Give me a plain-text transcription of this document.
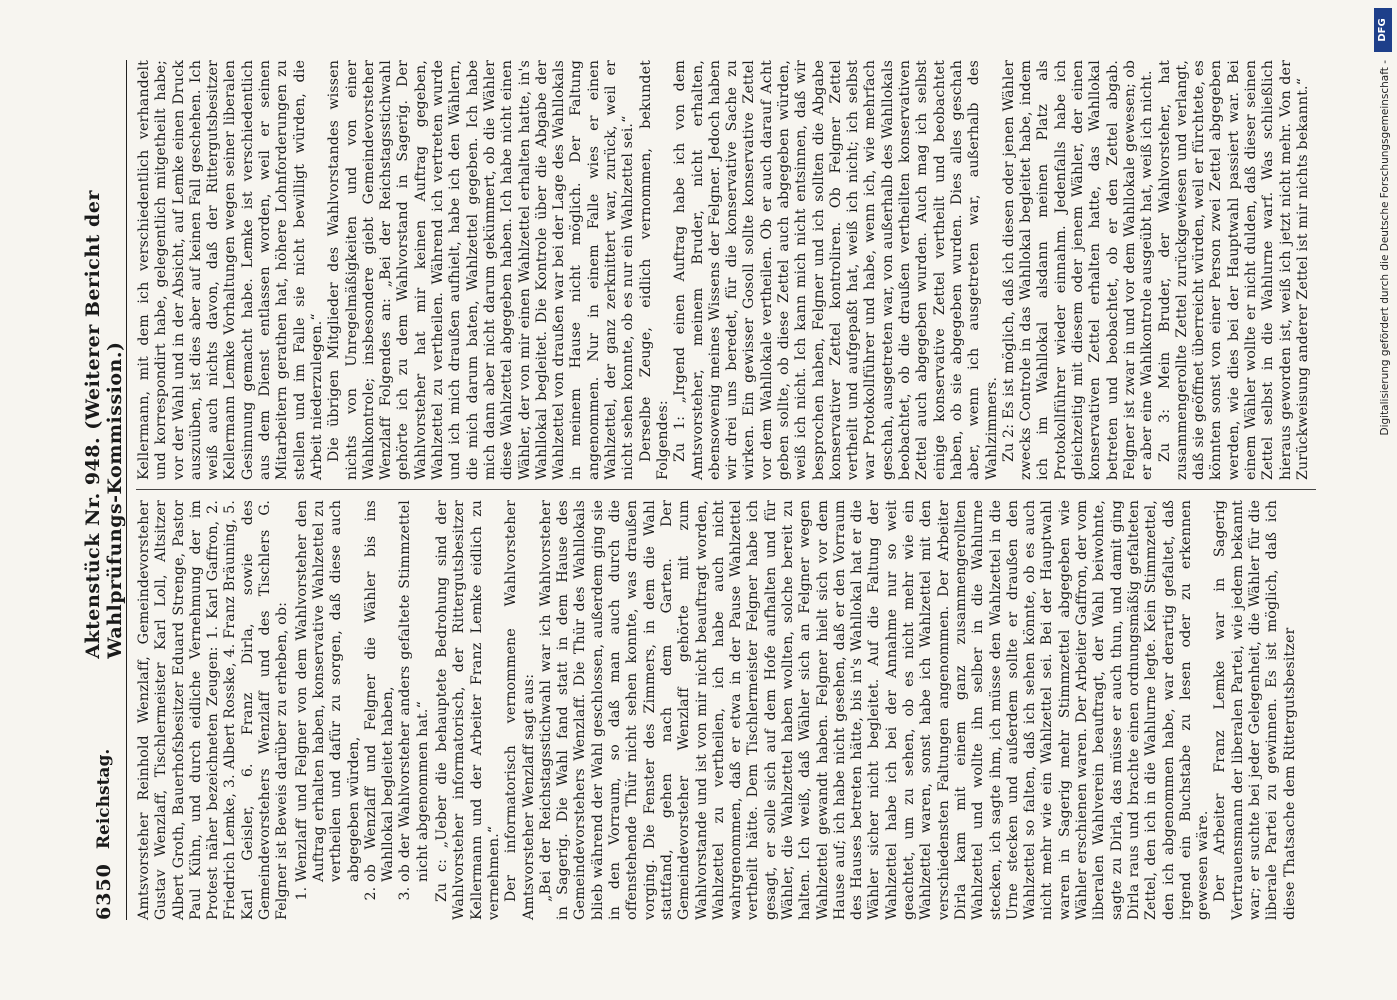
6350
Reichstag.
Aktenstück Nr. 948. (Weiterer Bericht der Wahlprüfungs-Kommission.) Amtsvorsteher Reinhold Wenzlaff, Gemeindevorsteher Gustav Wenzlaff, Tischlermeister Karl Loll, Altsitzer Albert Groth, Bauerhofsbesitzer Eduard Strenge, Pastor Paul Kühn, und durch eidliche Vernehmung der im Protest näher bezeichneten Zeugen: 1. Karl Gaffron, 2. Friedrich Lemke, 3. Albert Rosske, 4. Franz Bräuning, 5. Karl Geisler, 6. Franz Dirla, sowie des Gemeindevorstehers Wenzlaff und des Tischlers G. Felgner ist Beweis darüber zu erheben, ob: 1. Wenzlaff und Felgner von dem Wahlvorsteher den Auftrag erhalten haben, konservative Wahlzettel zu vertheilen und dafür zu sorgen, daß diese auch abgegeben würden, 2. ob Wenzlaff und Felgner die Wähler bis ins Wahllokal begleitet haben, 3. ob der Wahlvorsteher anders gefaltete Stimmzettel nicht abgenommen hat.“ Zu c: „Ueber die behauptete Bedrohung sind der Wahlvorsteher informatorisch, der Rittergutsbesitzer Kellermann und der Arbeiter Franz Lemke eidlich zu vernehmen.“ Der informatorisch vernommene Wahlvorsteher Amtsvorsteher Wenzlaff sagt aus: „Bei der Reichstagsstichwahl war ich Wahlvorsteher in Sagerig. Die Wahl fand statt in dem Hause des Gemeindevorstehers Wenzlaff. Die Thür des Wahllokals blieb während der Wahl geschlossen, außerdem ging sie in den Vorraum, so daß man auch durch die offenstehende Thür nicht sehen konnte, was draußen vorging. Die Fenster des Zimmers, in dem die Wahl stattfand, gehen nach dem Garten. Der Gemeindevorsteher Wenzlaff gehörte mit zum Wahlvorstande und ist von mir nicht beauftragt worden, Wahlzettel zu vertheilen, ich habe auch nicht wahrgenommen, daß er etwa in der Pause Wahlzettel vertheilt hätte. Dem Tischlermeister Felgner habe ich gesagt, er solle sich auf dem Hofe aufhalten und für Wähler, die Wahlzettel haben wollten, solche bereit zu halten. Ich weiß, daß Wähler sich an Felgner wegen Wahlzettel gewandt haben. Felgner hielt sich vor dem Hause auf; ich habe nicht gesehen, daß er den Vorraum des Hauses betreten hätte, bis in's Wahllokal hat er die Wähler sicher nicht begleitet. Auf die Faltung der Wahlzettel habe ich bei der Annahme nur so weit geachtet, um zu sehen, ob es nicht mehr wie ein Wahlzettel waren, sonst habe ich Wahlzettel mit den verschiedensten Faltungen angenommen. Der Arbeiter Dirla kam mit einem ganz zusammengerollten Wahlzettel und wollte ihn selber in die Wahlurne stecken, ich sagte ihm, ich müsse den Wahlzettel in die Urne stecken und außerdem sollte er draußen den Wahlzettel so falten, daß ich sehen könnte, ob es auch nicht mehr wie ein Wahlzettel sei. Bei der Hauptwahl waren in Sagerig mehr Stimmzettel abgegeben wie Wähler erschienen waren. Der Arbeiter Gaffron, der vom liberalen Wahlverein beauftragt, der Wahl beiwohnte, sagte zu Dirla, das müsse er auch thun, und damit ging Dirla raus und brachte einen ordnungsmäßig gefalteten Zettel, den ich in die Wahlurne legte. Kein Stimmzettel, den ich abgenommen habe, war derartig gefaltet, daß irgend ein Buchstabe zu lesen oder zu erkennen gewesen wäre. Der Arbeiter Franz Lemke war in Sagerig Vertrauensmann der liberalen Partei, wie jedem bekannt war; er suchte bei jeder Gelegenheit, die Wähler für die liberale Partei zu gewinnen. Es ist möglich, daß ich diese Thatsache dem Rittergutsbesitzer

Kellermann, mit dem ich verschiedentlich verhandelt und korrespondirt habe, gelegentlich mitgetheilt habe; vor der Wahl und in der Absicht, auf Lemke einen Druck auszuüben, ist dies aber auf keinen Fall geschehen. Ich weiß auch nichts davon, daß der Rittergutsbesitzer Kellermann Lemke Vorhaltungen wegen seiner liberalen Gesinnung gemacht habe. Lemke ist verschiedentlich aus dem Dienst entlassen worden, weil er seinen Mitarbeitern gerathen hat, höhere Lohnforderungen zu stellen und im Falle sie nicht bewilligt würden, die Arbeit niederzulegen.“ Die übrigen Mitglieder des Wahlvorstandes wissen nichts von Unregelmäßigkeiten und von einer Wahlkontrole; insbesondere giebt Gemeindevorsteher Wenzlaff Folgendes an: „Bei der Reichstagsstichwahl gehörte ich zu dem Wahlvorstand in Sagerig. Der Wahlvorsteher hat mir keinen Auftrag gegeben, Wahlzettel zu vertheilen. Während ich vertreten wurde und ich mich draußen aufhielt, habe ich den Wählern, die mich darum baten, Wahlzettel gegeben. Ich habe mich dann aber nicht darum gekümmert, ob die Wähler diese Wahlzettel abgegeben haben. Ich habe nicht einen Wähler, der von mir einen Wahlzettel erhalten hatte, in's Wahllokal begleitet. Die Kontrole über die Abgabe der Wahlzettel von draußen war bei der Lage des Wahllokals in meinem Hause nicht möglich. Der Faltung angenommen. Nur in einem Falle wies er einen Wahlzettel, der ganz zerknittert war, zurück, weil er nicht sehen konnte, ob es nur ein Wahlzettel sei.“ Derselbe Zeuge, eidlich vernommen, bekundet Folgendes: Zu 1: „Irgend einen Auftrag habe ich von dem Amtsvorsteher, meinem Bruder, nicht erhalten, ebensowenig meines Wissens der Felgner. Jedoch haben wir drei uns beredet, für die konservative Sache zu wirken. Ein gewisser Gosoll sollte konservative Zettel vor dem Wahllokale vertheilen. Ob er auch darauf Acht geben sollte, ob diese Zettel auch abgegeben würden, weiß ich nicht. Ich kann mich nicht entsinnen, daß wir besprochen haben, Felgner und ich sollten die Abgabe konservativer Zettel kontroliren. Ob Felgner Zettel vertheilt und aufgepaßt hat, weiß ich nicht; ich selbst war Protokollführer und habe, wenn ich, wie mehrfach geschah, ausgetreten war, von außerhalb des Wahllokals beobachtet, ob die draußen vertheilten konservativen Zettel auch abgegeben wurden. Auch mag ich selbst einige konservative Zettel vertheilt und beobachtet haben, ob sie abgegeben wurden. Dies alles geschah aber, wenn ich ausgetreten war, außerhalb des Wahlzimmers. Zu 2: Es ist möglich, daß ich diesen oder jenen Wähler zwecks Controle in das Wahllokal begleitet habe, indem ich im Wahllokal alsdann meinen Platz als Protokollführer wieder einnahm. Jedenfalls habe ich gleichzeitig mit diesem oder jenem Wähler, der einen konservativen Zettel erhalten hatte, das Wahllokal betreten und beobachtet, ob er den Zettel abgab. Felgner ist zwar in und vor dem Wahllokale gewesen; ob er aber eine Wahlkontrole ausgeübt hat, weiß ich nicht. Zu 3: Mein Bruder, der Wahlvorsteher, hat zusammengerollte Zettel zurückgewiesen und verlangt, daß sie geöffnet überreicht würden, weil er fürchtete, es könnten sonst von einer Person zwei Zettel abgegeben werden, wie dies bei der Hauptwahl passiert war. Bei einem Wähler wollte er nicht dulden, daß dieser seinen Zettel selbst in die Wahlurne warf. Was schließlich hieraus geworden ist, weiß ich jetzt nicht mehr. Von der Zurückweisung anderer Zettel ist mir nichts bekannt.“

DFG
Digitalisierung gefördert durch die Deutsche Forschungsgemeinschaft -
